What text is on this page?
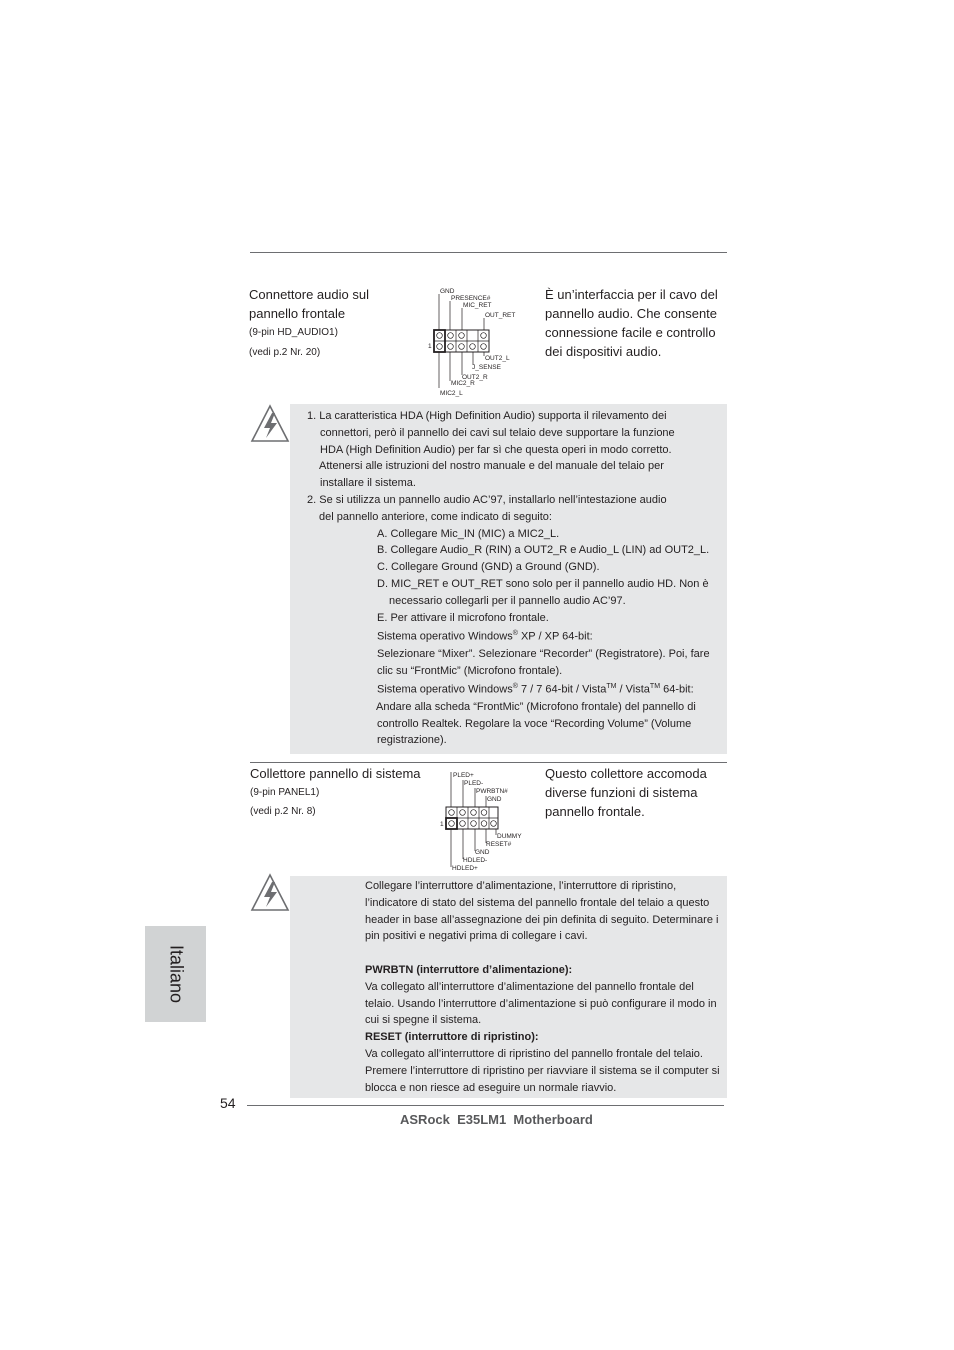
Connettore audio sul
pannello frontale
(9-pin HD_AUDIO1)
(vedi p.2 Nr. 20)
GND
PRESENCE#
MIC_RET
OUT_RET
1
OUT2_L
J_SENSE
OUT2_R
MIC2_R
MIC2_L
È un’interfaccia per il cavo del
pannello audio. Che consente
connessione facile e controllo
dei dispositivi audio.
1. La caratteristica HDA (High Definition Audio) supporta il rilevamento dei
connettori, però il pannello dei cavi sul telaio deve supportare la funzione
HDA (High Definition Audio) per far sì che questa operi in modo corretto.
Attenersi alle istruzioni del nostro manuale e del manuale del telaio per
installare il sistema.
2. Se si utilizza un pannello audio AC’97, installarlo nell’intestazione audio
del pannello anteriore, come indicato di seguito:
A. Collegare Mic_IN (MIC) a MIC2_L.
B. Collegare Audio_R (RIN) a OUT2_R e Audio_L (LIN) ad OUT2_L.
C. Collegare Ground (GND) a Ground (GND).
D. MIC_RET e OUT_RET sono solo per il pannello audio HD. Non è
necessario collegarli per il pannello audio AC’97.
E. Per attivare il microfono frontale.
Sistema operativo Windows® XP / XP 64-bit:
Selezionare “Mixer”. Selezionare “Recorder” (Registratore). Poi, fare
clic su “FrontMic” (Microfono frontale).
Sistema operativo Windows® 7 / 7 64-bit / Vista™ / Vista™ 64-bit:
Andare alla scheda “FrontMic” (Microfono frontale) del pannello di
controllo Realtek. Regolare la voce “Recording Volume” (Volume
registrazione).
Collettore pannello di sistema
(9-pin PANEL1)
(vedi p.2 Nr. 8)
PLED+
PLED-
PWRBTN#
GND
1
DUMMY
RESET#
GND
HDLED-
HDLED+
Questo collettore accomoda
diverse funzioni di sistema
pannello frontale.
Collegare l’interruttore d’alimentazione, l’interruttore di ripristino,
l’indicatore di stato del sistema del pannello frontale del telaio a questo
header in base all’assegnazione dei pin definita di seguito. Determinare i
pin positivi e negativi prima di collegare i cavi.

PWRBTN (interruttore d’alimentazione):
Va collegato all’interruttore d’alimentazione del pannello frontale del
telaio. Usando l’interruttore d’alimentazione si può configurare il modo in
cui si spegne il sistema.
RESET (interruttore di ripristino):
Va collegato all’interruttore di ripristino del pannello frontale del telaio.
Premere l’interruttore di ripristino per riavviare il sistema se il computer si
blocca e non riesce ad eseguire un normale riavvio.
Italiano
54
ASRock  E35LM1  Motherboard
